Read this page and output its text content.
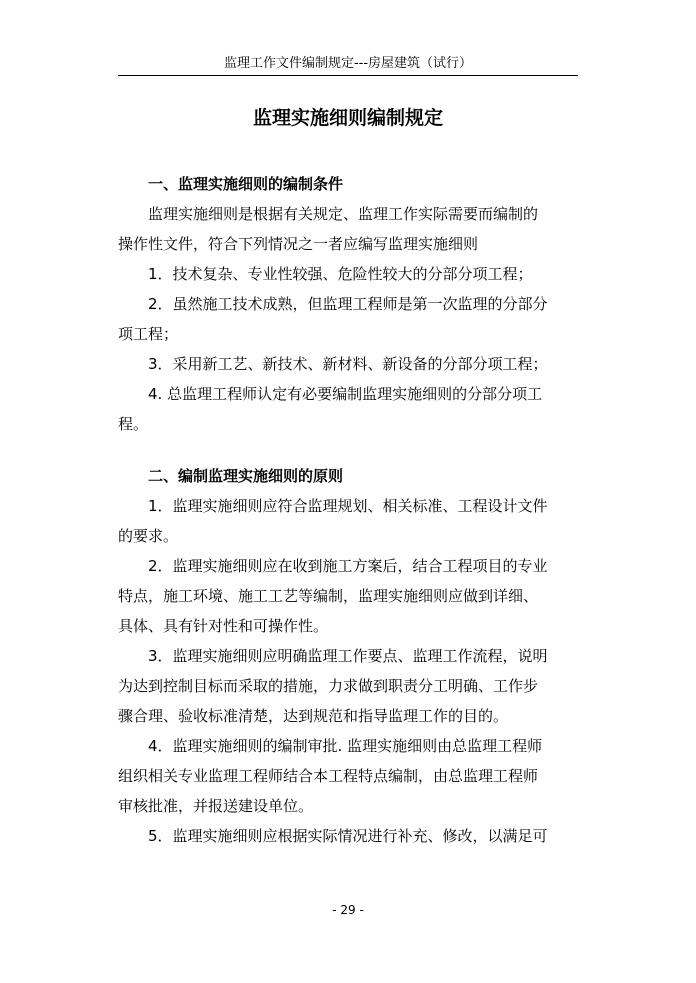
监理工作文件编制规定---房屋建筑（试行）
监理实施细则编制规定
一、监理实施细则的编制条件
监理实施细则是根据有关规定、监理工作实际需要而编制的
操作性文件，符合下列情况之一者应编写监理实施细则
1．技术复杂、专业性较强、危险性较大的分部分项工程；
2．虽然施工技术成熟，但监理工程师是第一次监理的分部分
项工程；
3．采用新工艺、新技术、新材料、新设备的分部分项工程；
4. 总监理工程师认定有必要编制监理实施细则的分部分项工
程。
二、编制监理实施细则的原则
1．监理实施细则应符合监理规划、相关标准、工程设计文件
的要求。
2．监理实施细则应在收到施工方案后，结合工程项目的专业
特点，施工环境、施工工艺等编制，监理实施细则应做到详细、
具体、具有针对性和可操作性。
3．监理实施细则应明确监理工作要点、监理工作流程，说明
为达到控制目标而采取的措施，力求做到职责分工明确、工作步
骤合理、验收标准清楚，达到规范和指导监理工作的目的。
4．监理实施细则的编制审批. 监理实施细则由总监理工程师
组织相关专业监理工程师结合本工程特点编制，由总监理工程师
审核批准，并报送建设单位。
5．监理实施细则应根据实际情况进行补充、修改，以满足可
- 29 -
